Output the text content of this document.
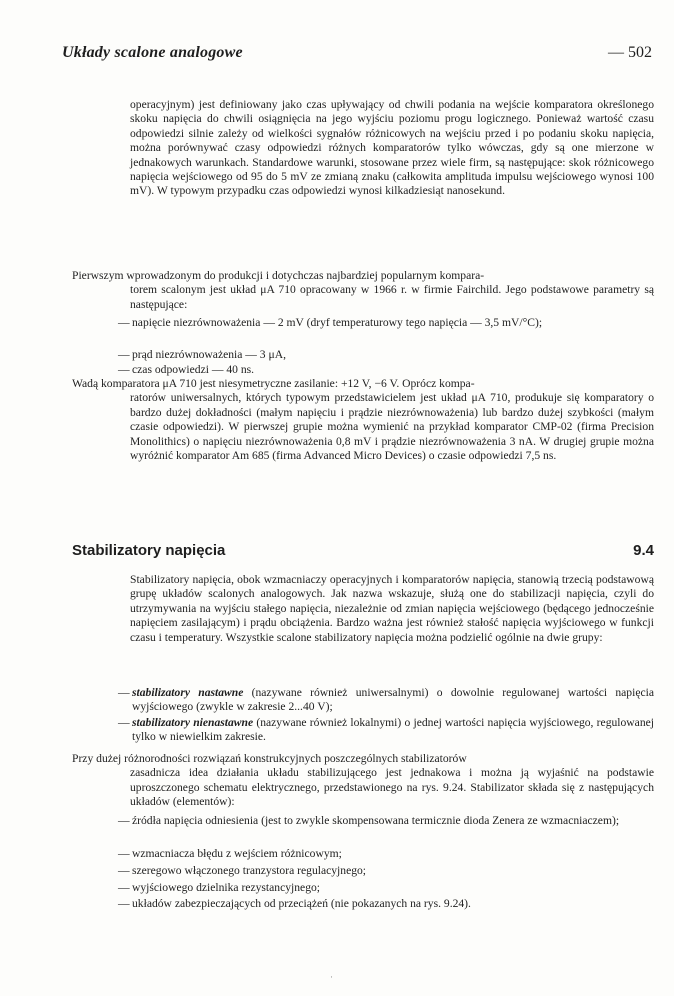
Układy scalone analogowe	— 502

operacyjnym) jest definiowany jako czas upływający od chwili podania na wejście komparatora określonego skoku napięcia do chwili osiągnięcia na jego wyjściu poziomu progu logicznego. Ponieważ wartość czasu odpowiedzi silnie zależy od wielkości sygnałów różnicowych na wejściu przed i po podaniu skoku napięcia, można porównywać czasy odpowiedzi różnych komparatorów tylko wówczas, gdy są one mierzone w jednakowych warunkach. Standardowe warunki, stosowane przez wiele firm, są następujące: skok różnicowego napięcia wejściowego od 95 do 5 mV ze zmianą znaku (całkowita amplituda impulsu wejściowego wynosi 100 mV). W typowym przypadku czas odpowiedzi wynosi kilkadziesiąt nanosekund.

Pierwszym wprowadzonym do produkcji i dotychczas najbardziej popularnym kompara-
torem scalonym jest układ μA 710 opracowany w 1966 r. w firmie Fairchild. Jego podstawowe parametry są następujące:
— napięcie niezrównoważenia — 2 mV (dryf temperaturowy tego napięcia — 3,5 mV/°C);
— prąd niezrównoważenia — 3 μA,
— czas odpowiedzi — 40 ns.
Wadą komparatora μA 710 jest niesymetryczne zasilanie: +12 V, −6 V. Oprócz kompa-
ratorów uniwersalnych, których typowym przedstawicielem jest układ μA 710, produkuje się komparatory o bardzo dużej dokładności (małym napięciu i prądzie niezrównoważenia) lub bardzo dużej szybkości (małym czasie odpowiedzi). W pierwszej grupie można wymienić na przykład komparator CMP-02 (firma Precision Monolithics) o napięciu niezrównoważenia 0,8 mV i prądzie niezrównoważenia 3 nA. W drugiej grupie można wyróżnić komparator Am 685 (firma Advanced Micro Devices) o czasie odpowiedzi 7,5 ns.
Stabilizatory napięcia	9.4

Stabilizatory napięcia, obok wzmacniaczy operacyjnych i komparatorów napięcia, stanowią trzecią podstawową grupę układów scalonych analogowych. Jak nazwa wskazuje, służą one do stabilizacji napięcia, czyli do utrzymywania na wyjściu stałego napięcia, niezależnie od zmian napięcia wejściowego (będącego jednocześnie napięciem zasilającym) i prądu obciążenia. Bardzo ważna jest również stałość napięcia wyjściowego w funkcji czasu i temperatury. Wszystkie scalone stabilizatory napięcia można podzielić ogólnie na dwie grupy:

— stabilizatory nastawne (nazywane również uniwersalnymi) o dowolnie regulowanej wartości napięcia wyjściowego (zwykle w zakresie 2...40 V);
— stabilizatory nienastawne (nazywane również lokalnymi) o jednej wartości napięcia wyjściowego, regulowanej tylko w niewielkim zakresie.
Przy dużej różnorodności rozwiązań konstrukcyjnych poszczególnych stabilizatorów
zasadnicza idea działania układu stabilizującego jest jednakowa i można ją wyjaśnić na podstawie uproszczonego schematu elektrycznego, przedstawionego na rys. 9.24. Stabilizator składa się z następujących układów (elementów):
— źródła napięcia odniesienia (jest to zwykle skompensowana termicznie dioda Zenera ze wzmacniaczem);
— wzmacniacza błędu z wejściem różnicowym;
— szeregowo włączonego tranzystora regulacyjnego;
— wyjściowego dzielnika rezystancyjnego;
— układów zabezpieczających od przeciążeń (nie pokazanych na rys. 9.24).
·
